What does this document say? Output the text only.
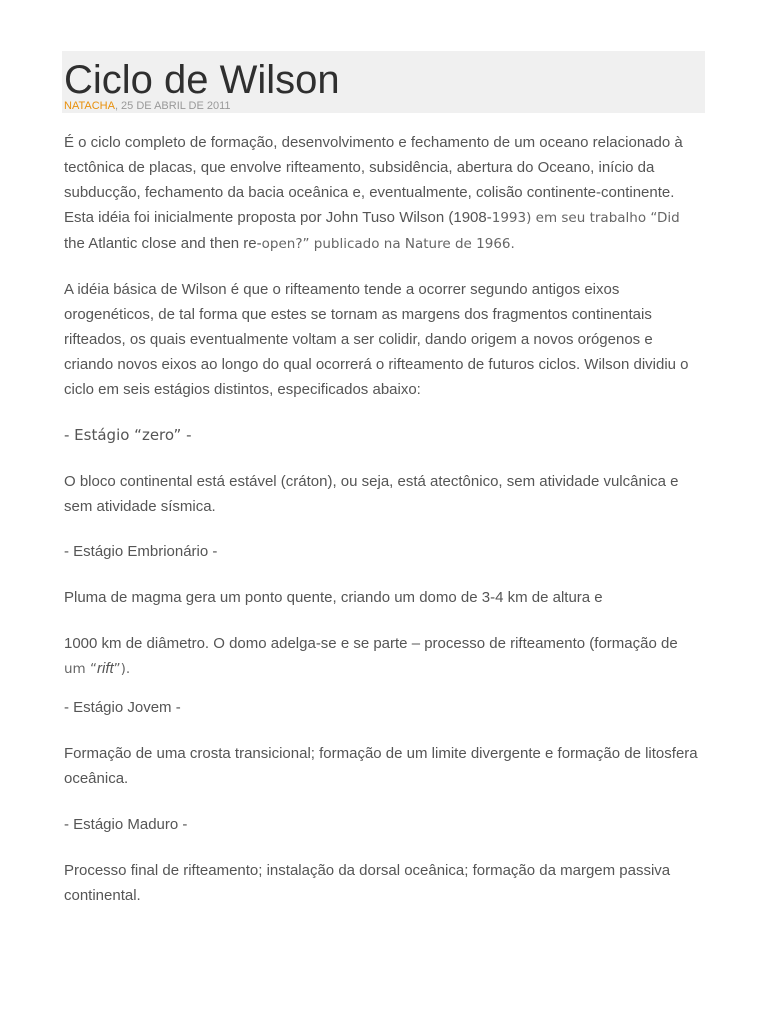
Ciclo de Wilson
NATACHA, 25 DE ABRIL DE 2011

É o ciclo completo de formação, desenvolvimento e fechamento de um oceano relacionado à tectônica de placas, que envolve rifteamento, subsidência, abertura do Oceano, início da subducção, fechamento da bacia oceânica e, eventualmente, colisão continente-continente. Esta idéia foi inicialmente proposta por John Tuso Wilson (1908-1993) em seu trabalho “Did
the Atlantic close and then re-open?” publicado na Nature de 1966.

A idéia básica de Wilson é que o rifteamento tende a ocorrer segundo antigos eixos orogenéticos, de tal forma que estes se tornam as margens dos fragmentos continentais rifteados, os quais eventualmente voltam a ser colidir, dando origem a novos orógenos e criando novos eixos ao longo do qual ocorrerá o rifteamento de futuros ciclos. Wilson dividiu o ciclo em seis estágios distintos, especificados abaixo:

- Estágio “zero” -

O bloco continental está estável (cráton), ou seja, está atectônico, sem atividade vulcânica e sem atividade sísmica.

- Estágio Embrionário -

Pluma de magma gera um ponto quente, criando um domo de 3-4 km de altura e

1000 km de diâmetro. O domo adelga-se e se parte – processo de rifteamento (formação de
um “rift”).

- Estágio Jovem -

Formação de uma crosta transicional; formação de um limite divergente e formação de litosfera oceânica.

- Estágio Maduro -

Processo final de rifteamento; instalação da dorsal oceânica; formação da margem passiva continental.
